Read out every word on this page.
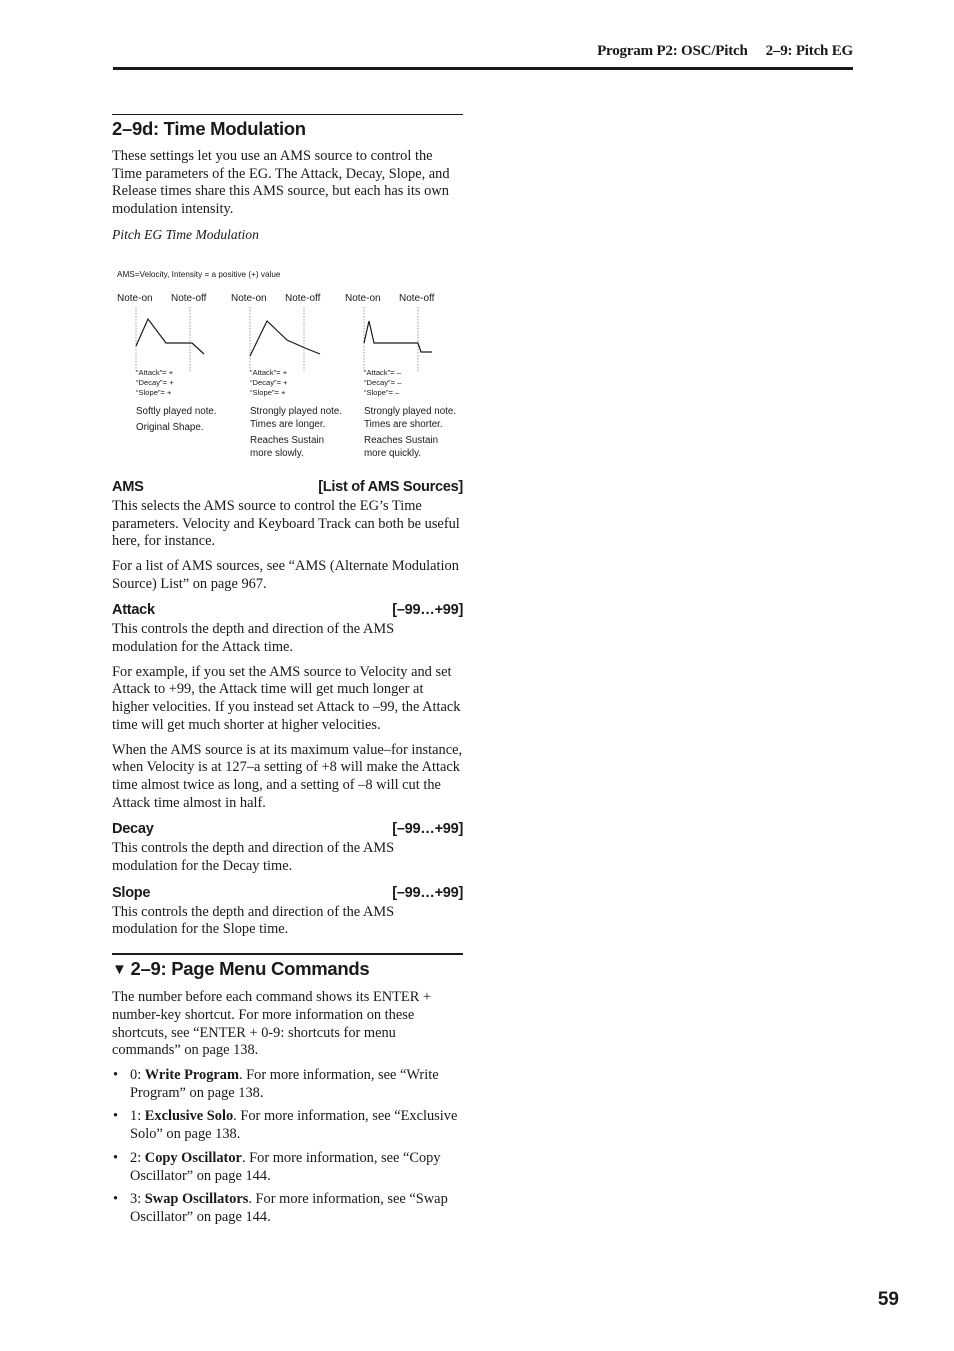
Program P2: OSC/Pitch 2–9: Pitch EG
2–9d: Time Modulation

These settings let you use an AMS source to control the Time parameters of the EG. The Attack, Decay, Slope, and Release times share this AMS source, but each has its own modulation intensity.

Pitch EG Time Modulation

AMS=Velocity, Intensity = a positive (+) value
Note-on Note-off
“Attack”= +
“Decay”= +
“Slope”= +
Softly played note.
Original Shape.
Note-on Note-off
“Attack”= +
“Decay”= +
“Slope”= +
Strongly played note.
Times are longer.
Reaches Sustain
more slowly.
Note-on Note-off
“Attack”= –
“Decay”= –
“Slope”= –
Strongly played note.
Times are shorter.
Reaches Sustain
more quickly.
AMS	[List of AMS Sources]

This selects the AMS source to control the EG’s Time parameters. Velocity and Keyboard Track can both be useful here, for instance.

For a list of AMS sources, see “AMS (Alternate Modulation Source) List” on page 967.

Attack	[–99…+99]

This controls the depth and direction of the AMS modulation for the Attack time.

For example, if you set the AMS source to Velocity and set Attack to +99, the Attack time will get much longer at higher velocities. If you instead set Attack to –99, the Attack time will get much shorter at higher velocities.

When the AMS source is at its maximum value–for instance, when Velocity is at 127–a setting of +8 will make the Attack time almost twice as long, and a setting of –8 will cut the Attack time almost in half.

Decay	[–99…+99]

This controls the depth and direction of the AMS modulation for the Decay time.

Slope	[–99…+99]

This controls the depth and direction of the AMS modulation for the Slope time.

▼ 2–9: Page Menu Commands

The number before each command shows its ENTER + number-key shortcut. For more information on these shortcuts, see “ENTER + 0-9: shortcuts for menu commands” on page 138.

• 0: Write Program. For more information, see “Write Program” on page 138.
• 1: Exclusive Solo. For more information, see “Exclusive Solo” on page 138.
• 2: Copy Oscillator. For more information, see “Copy Oscillator” on page 144.
• 3: Swap Oscillators. For more information, see “Swap Oscillator” on page 144.
59
